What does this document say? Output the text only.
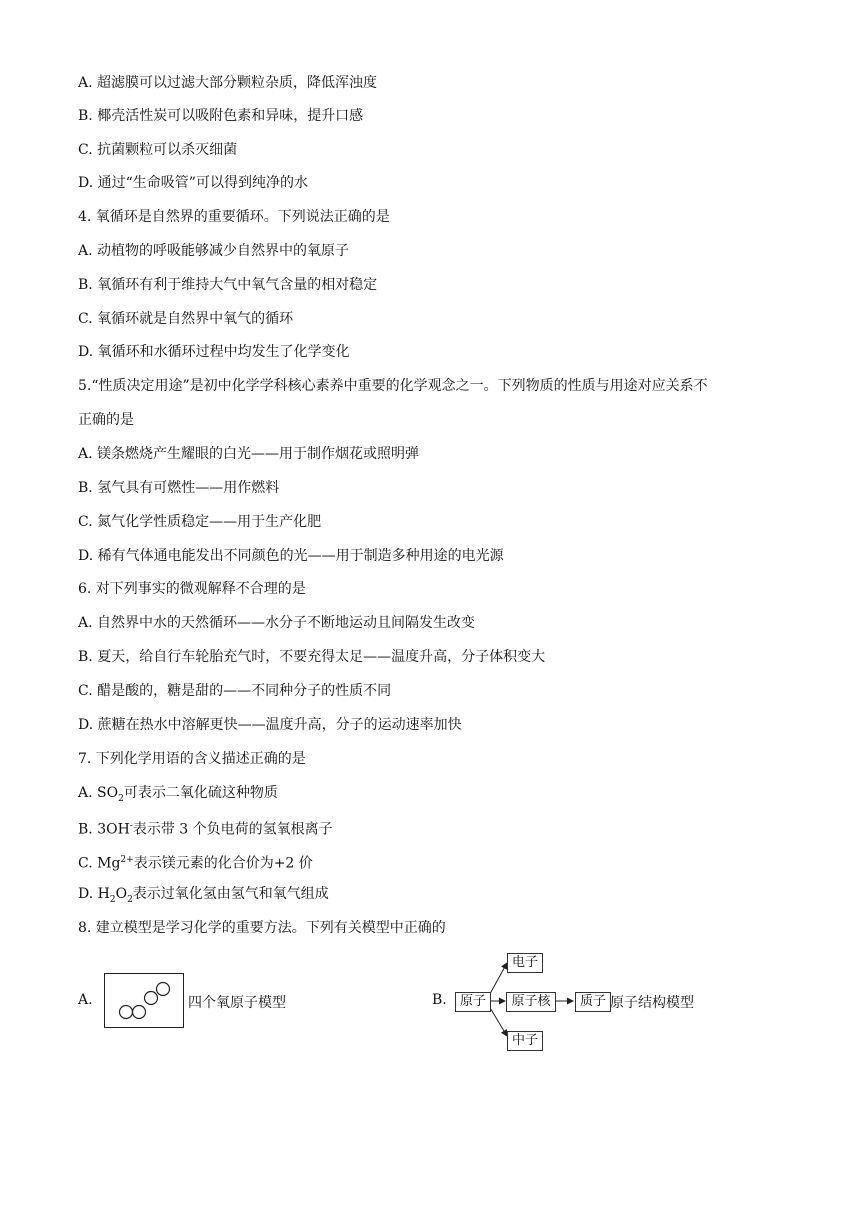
A. 超滤膜可以过滤大部分颗粒杂质，降低浑浊度
B. 椰壳活性炭可以吸附色素和异味，提升口感
C. 抗菌颗粒可以杀灭细菌
D. 通过“生命吸管”可以得到纯净的水
4. 氧循环是自然界的重要循环。下列说法正确的是
A. 动植物的呼吸能够减少自然界中的氧原子
B. 氧循环有利于维持大气中氧气含量的相对稳定
C. 氧循环就是自然界中氧气的循环
D. 氧循环和水循环过程中均发生了化学变化
5.“性质决定用途”是初中化学学科核心素养中重要的化学观念之一。下列物质的性质与用途对应关系不
正确的是
A. 镁条燃烧产生耀眼的白光——用于制作烟花或照明弹
B. 氢气具有可燃性——用作燃料
C. 氮气化学性质稳定——用于生产化肥
D. 稀有气体通电能发出不同颜色的光——用于制造多种用途的电光源
6. 对下列事实的微观解释不合理的是
A. 自然界中水的天然循环——水分子不断地运动且间隔发生改变
B. 夏天，给自行车轮胎充气时，不要充得太足——温度升高，分子体积变大
C. 醋是酸的，糖是甜的——不同种分子的性质不同
D. 蔗糖在热水中溶解更快——温度升高，分子的运动速率加快
7. 下列化学用语的含义描述正确的是
A. $SO_2$可表示二氧化硫这种物质
B. 3OH-表示带 3 个负电荷的氢氧根离子
C. $Mg^{2+}$表示镁元素的化合价为+2 价
D. $H_2O_2$表示过氧化氢由氢气和氧气组成
8. 建立模型是学习化学的重要方法。下列有关模型中正确的
A.	四个氧原子模型	B.	原子	原子核
电子
中子
质子 原子结构模型
